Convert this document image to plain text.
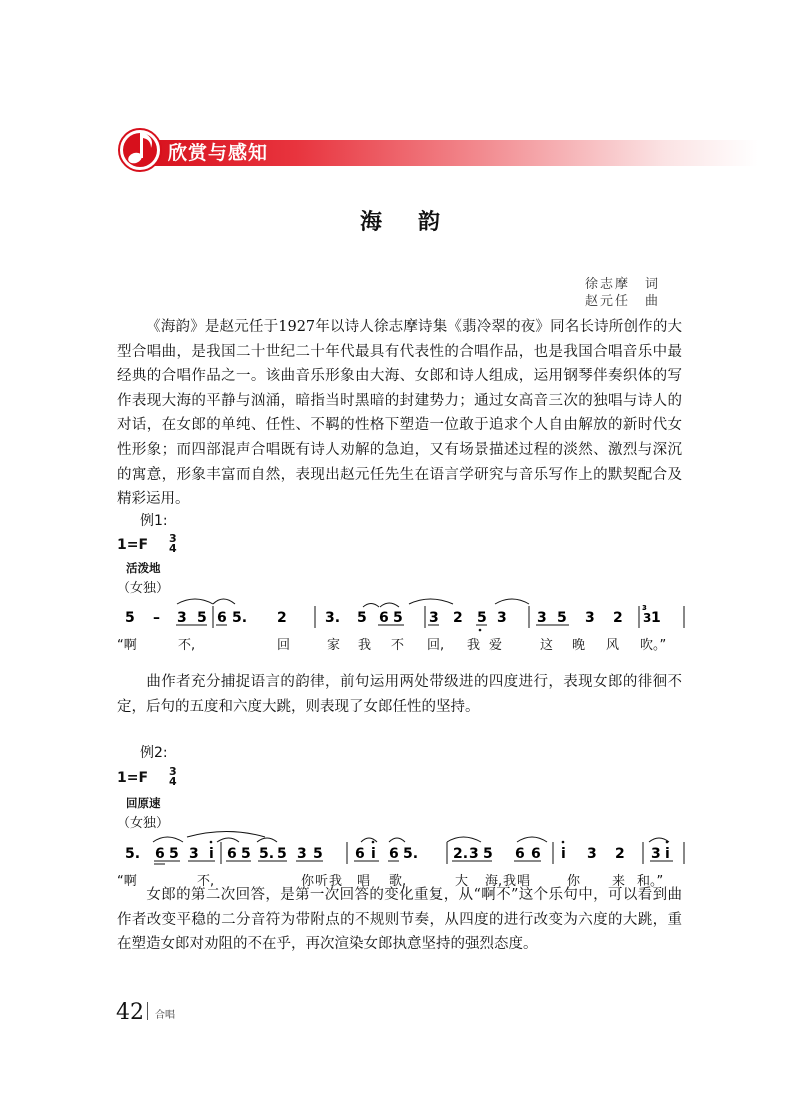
欣赏与感知
海 韵
徐志摩　词
赵元任　曲
《海韵》是赵元任于1927年以诗人徐志摩诗集《翡冷翠的夜》同名长诗所创作的大型合唱曲，是我国二十世纪二十年代最具有代表性的合唱作品，也是我国合唱音乐中最经典的合唱作品之一。该曲音乐形象由大海、女郎和诗人组成，运用钢琴伴奏织体的写作表现大海的平静与汹涌，暗指当时黑暗的封建势力；通过女高音三次的独唱与诗人的对话，在女郎的单纯、任性、不羁的性格下塑造一位敢于追求个人自由解放的新时代女性形象；而四部混声合唱既有诗人劝解的急迫，又有场景描述过程的淡然、激烈与深沉的寓意，形象丰富而自然，表现出赵元任先生在语言学研究与音乐写作上的默契配合及精彩运用。
例1:
1=F 3
4
活泼地
（女独）
5 – 3 5 6 5. 2	3. 5 6 5 3 2 5 3 3 5 3 2 3 1
3
“啊	不,	回	家 我 不 回, 我 爱	这 晚 风 吹。”
曲作者充分捕捉语言的韵律，前句运用两处带级进的四度进行，表现女郎的徘徊不定，后句的五度和六度大跳，则表现了女郎任性的坚持。
例2:
1=F 3
4
回原速
（女独）
5. 6 5 3 i 6 5 5. 5 3 5 6 i 6 5. 2. 3 5 6 6 i 3 2 3 i
“啊	不,	你 听 我 唱 歌,	大 海, 我 唱	你 来 和。”
女郎的第二次回答，是第一次回答的变化重复，从“啊不”这个乐句中，可以看到曲作者改变平稳的二分音符为带附点的不规则节奏，从四度的进行改变为六度的大跳，重在塑造女郎对劝阻的不在乎，再次渲染女郎执意坚持的强烈态度。
42 合唱
